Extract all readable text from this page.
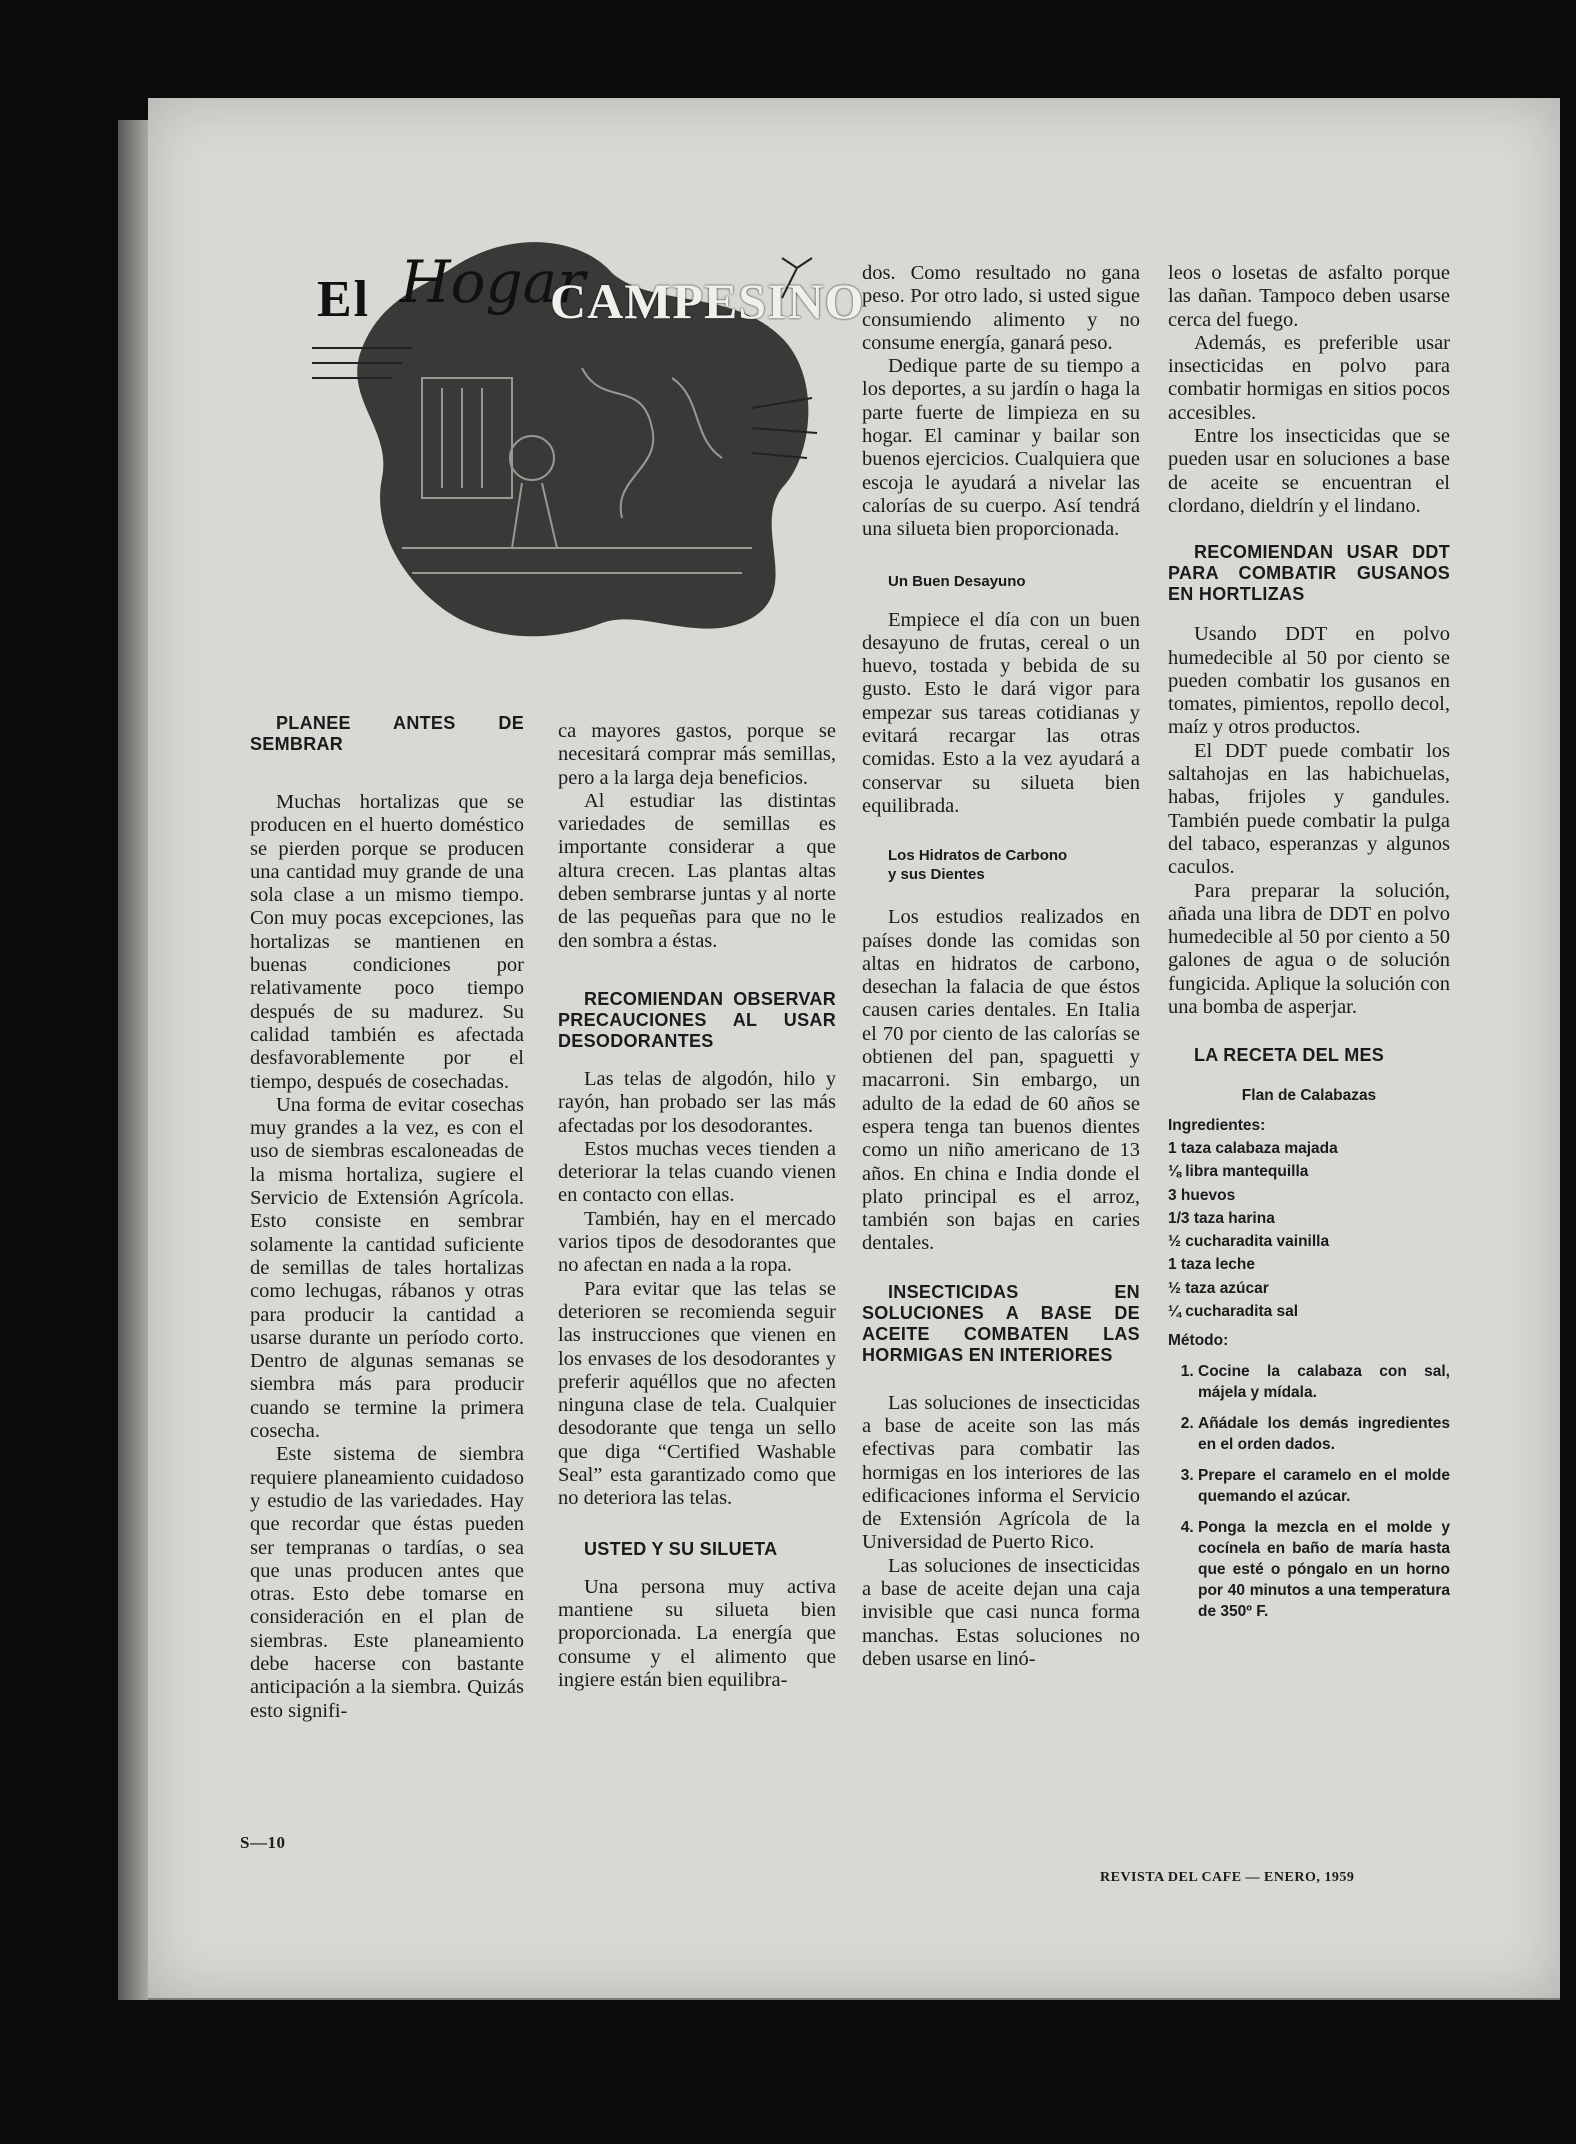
El Hogar
CAMPESINO

PLANEE ANTES DE SEMBRAR

Muchas hortalizas que se producen en el huerto doméstico se pierden porque se producen una cantidad muy grande de una sola clase a un mismo tiempo. Con muy pocas excepciones, las hortalizas se mantienen en buenas condiciones por relativamente poco tiempo después de su madurez. Su calidad también es afectada desfavorablemente por el tiempo, después de cosechadas.

Una forma de evitar cosechas muy grandes a la vez, es con el uso de siembras escaloneadas de la misma hortaliza, sugiere el Servicio de Extensión Agrícola. Esto consiste en sembrar solamente la cantidad suficiente de semillas de tales hortalizas como lechugas, rábanos y otras para producir la cantidad a usarse durante un período corto. Dentro de algunas semanas se siembra más para producir cuando se termine la primera cosecha.

Este sistema de siembra requiere planeamiento cuidadoso y estudio de las variedades. Hay que recordar que éstas pueden ser tempranas o tardías, o sea que unas producen antes que otras. Esto debe tomarse en consideración en el plan de siembras. Este planeamiento debe hacerse con bastante anticipación a la siembra. Quizás esto signifi-

ca mayores gastos, porque se necesitará comprar más semillas, pero a la larga deja beneficios.

Al estudiar las distintas variedades de semillas es importante considerar a que altura crecen. Las plantas altas deben sembrarse juntas y al norte de las pequeñas para que no le den sombra a éstas.

RECOMIENDAN OBSERVAR PRECAUCIONES AL USAR DESODORANTES

Las telas de algodón, hilo y rayón, han probado ser las más afectadas por los desodorantes.

Estos muchas veces tienden a deteriorar la telas cuando vienen en contacto con ellas.

También, hay en el mercado varios tipos de desodorantes que no afectan en nada a la ropa.

Para evitar que las telas se deterioren se recomienda seguir las instrucciones que vienen en los envases de los desodorantes y preferir aquéllos que no afecten ninguna clase de tela. Cualquier desodorante que tenga un sello que diga “Certified Washable Seal” esta garantizado como que no deteriora las telas.

USTED Y SU SILUETA

Una persona muy activa mantiene su silueta bien proporcionada. La energía que consume y el alimento que ingiere están bien equilibra-

dos. Como resultado no gana peso. Por otro lado, si usted sigue consumiendo alimento y no consume energía, ganará peso.

Dedique parte de su tiempo a los deportes, a su jardín o haga la parte fuerte de limpieza en su hogar. El caminar y bailar son buenos ejercicios. Cualquiera que escoja le ayudará a nivelar las calorías de su cuerpo. Así tendrá una silueta bien proporcionada.

Un Buen Desayuno

Empiece el día con un buen desayuno de frutas, cereal o un huevo, tostada y bebida de su gusto. Esto le dará vigor para empezar sus tareas cotidianas y evitará recargar las otras comidas. Esto a la vez ayudará a conservar su silueta bien equilibrada.

Los Hidratos de Carbono

y sus Dientes

Los estudios realizados en países donde las comidas son altas en hidratos de carbono, desechan la falacia de que éstos causen caries dentales. En Italia el 70 por ciento de las calorías se obtienen del pan, spaguetti y macarroni. Sin embargo, un adulto de la edad de 60 años se espera tenga tan buenos dientes como un niño americano de 13 años. En china e India donde el plato principal es el arroz, también son bajas en caries dentales.

INSECTICIDAS EN SOLUCIONES A BASE DE ACEITE COMBATEN LAS HORMIGAS EN INTERIORES

Las soluciones de insecticidas a base de aceite son las más efectivas para combatir las hormigas en los interiores de las edificaciones informa el Servicio de Extensión Agrícola de la Universidad de Puerto Rico.

Las soluciones de insecticidas a base de aceite dejan una caja invisible que casi nunca forma manchas. Estas soluciones no deben usarse en linó-

leos o losetas de asfalto porque las dañan. Tampoco deben usarse cerca del fuego.

Además, es preferible usar insecticidas en polvo para combatir hormigas en sitios pocos accesibles.

Entre los insecticidas que se pueden usar en soluciones a base de aceite se encuentran el clordano, dieldrín y el lindano.

RECOMIENDAN USAR DDT PARA COMBATIR GUSANOS EN HORTLIZAS

Usando DDT en polvo humedecible al 50 por ciento se pueden combatir los gusanos en tomates, pimientos, repollo decol, maíz y otros productos.

El DDT puede combatir los saltahojas en las habichuelas, habas, frijoles y gandules. También puede combatir la pulga del tabaco, esperanzas y algunos caculos.

Para preparar la solución, añada una libra de DDT en polvo humedecible al 50 por ciento a 50 galones de agua o de solución fungicida. Aplique la solución con una bomba de asperjar.

LA RECETA DEL MES

Flan de Calabazas
Ingredientes:
1 taza calabaza majada
⅛ libra mantequilla
3 huevos
1/3 taza harina
½ cucharadita vainilla
1 taza leche
½ taza azúcar
¼ cucharadita sal
Método:
1. Cocine la calabaza con sal, májela y mídala.
2. Añádale los demás ingredientes en el orden dados.
3. Prepare el caramelo en el molde quemando el azúcar.
4. Ponga la mezcla en el molde y cocínela en baño de maría hasta que esté o póngalo en un horno por 40 minutos a una temperatura de 350º F.
S—10
REVISTA DEL CAFE — ENERO, 1959
